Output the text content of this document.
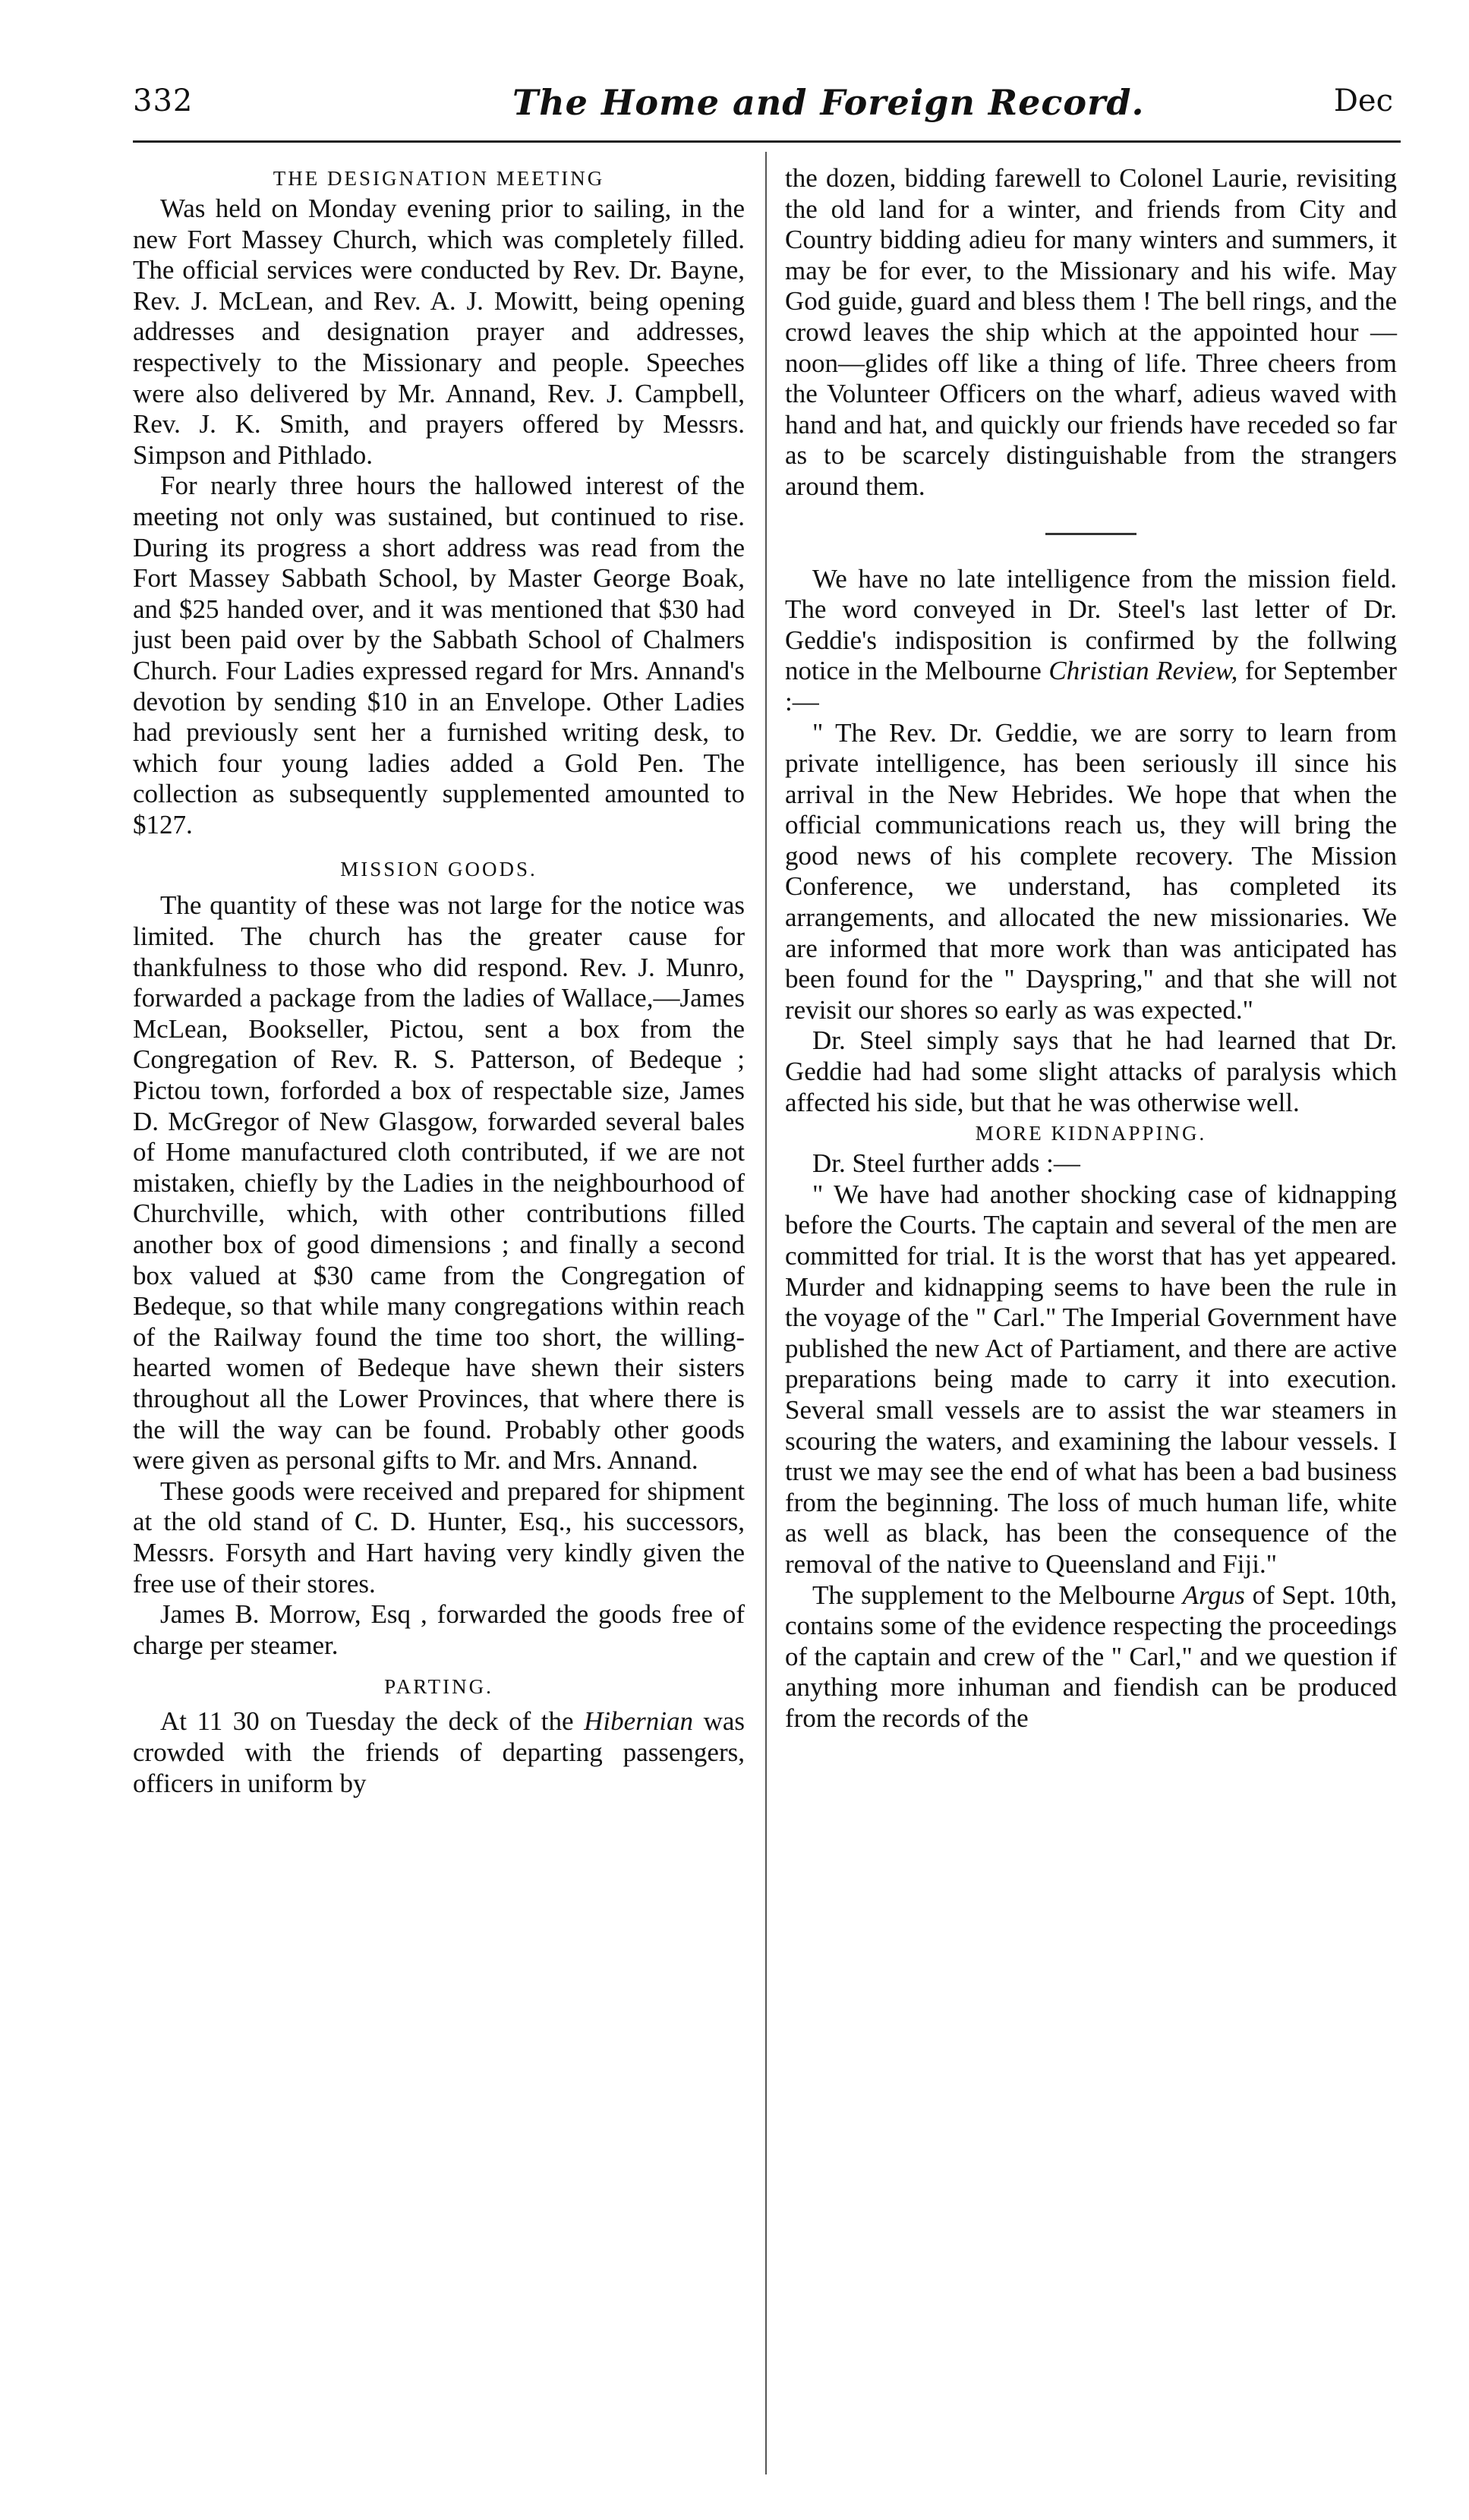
332	The Home and Foreign Record.	Dec
THE DESIGNATION MEETING

Was held on Monday evening prior to sailing, in the new Fort Massey Church, which was completely filled. The official services were conducted by Rev. Dr. Bayne, Rev. J. McLean, and Rev. A. J. Mowitt, being opening addresses and designation prayer and addresses, respectively to the Missionary and people. Speeches were also delivered by Mr. Annand, Rev. J. Campbell, Rev. J. K. Smith, and prayers offered by Messrs. Simpson and Pithlado.

For nearly three hours the hallowed interest of the meeting not only was sustained, but continued to rise. During its progress a short address was read from the Fort Massey Sabbath School, by Master George Boak, and $25 handed over, and it was mentioned that $30 had just been paid over by the Sabbath School of Chalmers Church. Four Ladies expressed regard for Mrs. Annand's devotion by sending $10 in an Envelope. Other Ladies had previously sent her a furnished writing desk, to which four young ladies added a Gold Pen. The collection as subsequently supplemented amounted to $127.

MISSION GOODS.

The quantity of these was not large for the notice was limited. The church has the greater cause for thankfulness to those who did respond. Rev. J. Munro, forwarded a package from the ladies of Wallace,—James McLean, Bookseller, Pictou, sent a box from the Congregation of Rev. R. S. Patterson, of Bedeque ; Pictou town, forforded a box of respectable size, James D. McGregor of New Glasgow, forwarded several bales of Home manufactured cloth contributed, if we are not mistaken, chiefly by the Ladies in the neighbourhood of Churchville, which, with other contributions filled another box of good dimensions ; and finally a second box valued at $30 came from the Congregation of Bedeque, so that while many congregations within reach of the Railway found the time too short, the willing-hearted women of Bedeque have shewn their sisters throughout all the Lower Provinces, that where there is the will the way can be found. Probably other goods were given as personal gifts to Mr. and Mrs. Annand.

These goods were received and prepared for shipment at the old stand of C. D. Hunter, Esq., his successors, Messrs. Forsyth and Hart having very kindly given the free use of their stores.

James B. Morrow, Esq , forwarded the goods free of charge per steamer.

PARTING.

At 11 30 on Tuesday the deck of the Hibernian was crowded with the friends of departing passengers, officers in uniform by

the dozen, bidding farewell to Colonel Laurie, revisiting the old land for a winter, and friends from City and Country bidding adieu for many winters and summers, it may be for ever, to the Missionary and his wife. May God guide, guard and bless them ! The bell rings, and the crowd leaves the ship which at the appointed hour —noon—glides off like a thing of life. Three cheers from the Volunteer Officers on the wharf, adieus waved with hand and hat, and quickly our friends have receded so far as to be scarcely distinguishable from the strangers around them.

We have no late intelligence from the mission field. The word conveyed in Dr. Steel's last letter of Dr. Geddie's indisposition is confirmed by the follwing notice in the Melbourne Christian Review, for September :—

" The Rev. Dr. Geddie, we are sorry to learn from private intelligence, has been seriously ill since his arrival in the New Hebrides. We hope that when the official communications reach us, they will bring the good news of his complete recovery. The Mission Conference, we understand, has completed its arrangements, and allocated the new missionaries. We are informed that more work than was anticipated has been found for the " Dayspring," and that she will not revisit our shores so early as was expected."

Dr. Steel simply says that he had learned that Dr. Geddie had had some slight attacks of paralysis which affected his side, but that he was otherwise well.

MORE KIDNAPPING.

Dr. Steel further adds :—

" We have had another shocking case of kidnapping before the Courts. The captain and several of the men are committed for trial. It is the worst that has yet appeared. Murder and kidnapping seems to have been the rule in the voyage of the " Carl." The Imperial Government have published the new Act of Partiament, and there are active preparations being made to carry it into execution. Several small vessels are to assist the war steamers in scouring the waters, and examining the labour vessels. I trust we may see the end of what has been a bad business from the beginning. The loss of much human life, white as well as black, has been the consequence of the removal of the native to Queensland and Fiji."

The supplement to the Melbourne Argus of Sept. 10th, contains some of the evidence respecting the proceedings of the captain and crew of the " Carl," and we question if anything more inhuman and fiendish can be produced from the records of the
